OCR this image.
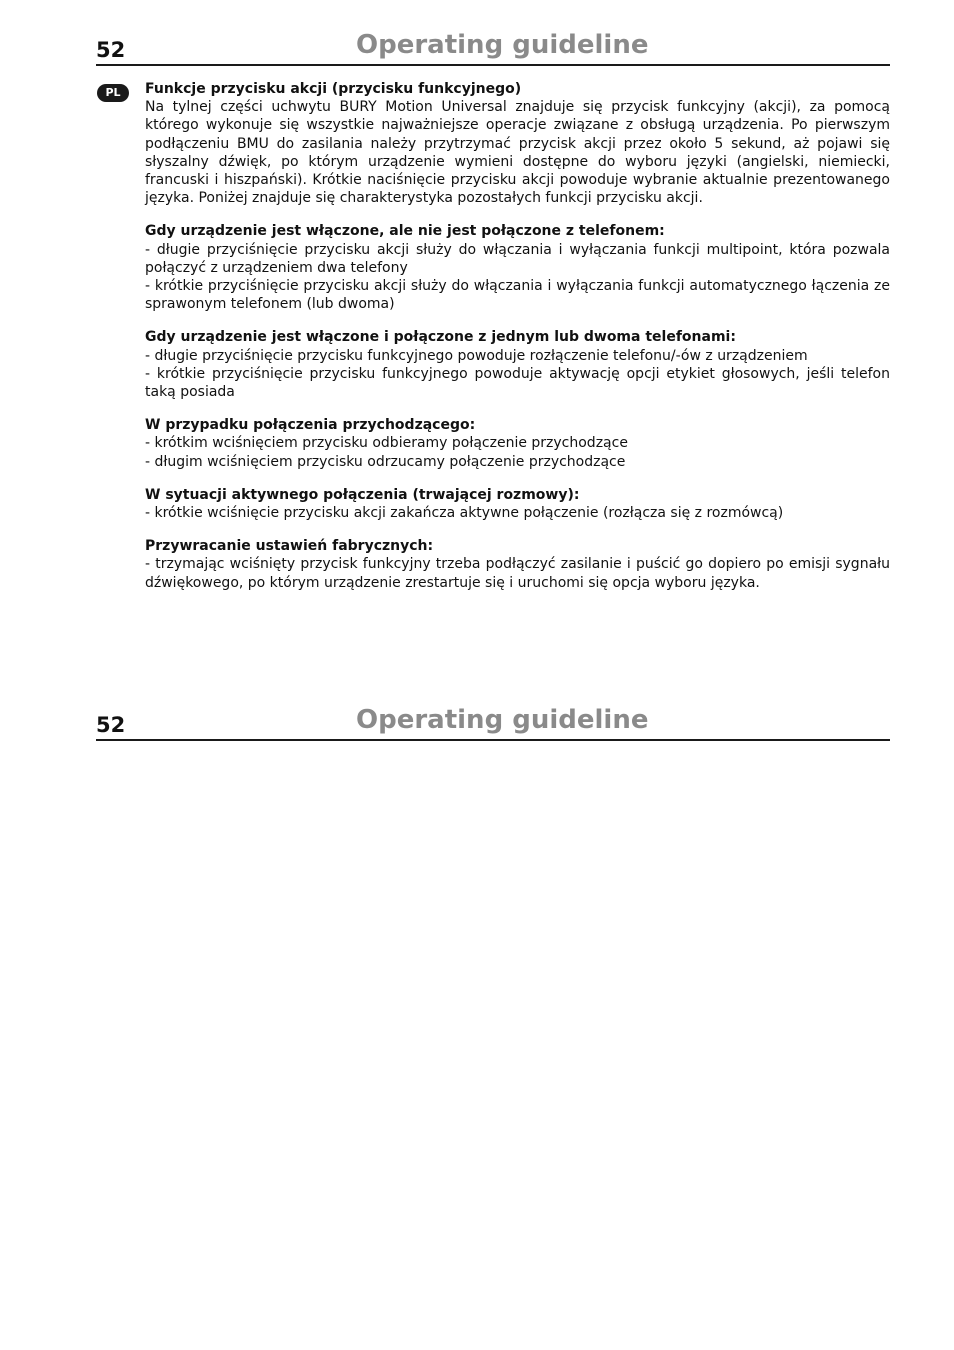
52	Operating guideline
PL	Funkcje przycisku akcji (przycisku funkcyjnego)

Na tylnej części uchwytu BURY Motion Universal znajduje się przycisk funkcyjny (akcji), za pomocą którego wykonuje się wszystkie najważniejsze operacje związane z obsługą urządzenia. Po pierwszym podłączeniu BMU do zasilania należy przytrzymać przycisk akcji przez około 5 sekund, aż pojawi się słyszalny dźwięk, po którym urządzenie wymieni dostępne do wyboru języki (angielski, niemiecki, francuski i hiszpański). Krótkie naciśnięcie przycisku akcji powoduje wybranie aktualnie prezentowanego języka. Poniżej znajduje się charakterystyka pozostałych funkcji przycisku akcji.

Gdy urządzenie jest włączone, ale nie jest połączone z telefonem:

- długie przyciśnięcie przycisku akcji służy do włączania i wyłączania funkcji multipoint, która pozwala połączyć z urządzeniem dwa telefony

- krótkie przyciśnięcie przycisku akcji służy do włączania i wyłączania funkcji automatycznego łączenia ze sprawonym telefonem (lub dwoma)

Gdy urządzenie jest włączone i połączone z jednym lub dwoma telefonami:

- długie przyciśnięcie przycisku funkcyjnego powoduje rozłączenie telefonu/-ów z urządzeniem

- krótkie przyciśnięcie przycisku funkcyjnego powoduje aktywację opcji etykiet głosowych, jeśli telefon taką posiada

W przypadku połączenia przychodzącego:

- krótkim wciśnięciem przycisku odbieramy połączenie przychodzące

- długim wciśnięciem przycisku odrzucamy połączenie przychodzące

W sytuacji aktywnego połączenia (trwającej rozmowy):

- krótkie wciśnięcie przycisku akcji zakańcza aktywne połączenie (rozłącza się z rozmówcą)

Przywracanie ustawień fabrycznych:

- trzymając wciśnięty przycisk funkcyjny trzeba podłączyć zasilanie i puścić go dopiero po emisji sygnału dźwiękowego, po którym urządzenie zrestartuje się i uruchomi się opcja wyboru języka.

52	Operating guideline
